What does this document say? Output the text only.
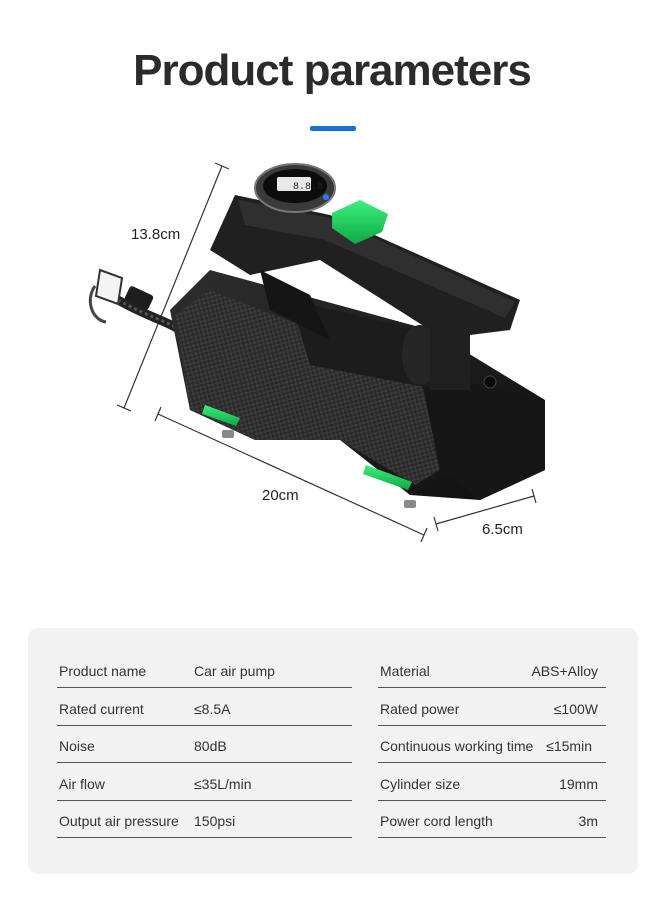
Product parameters
8.8.8
13.8cm
20cm
6.5cm
Product name	Car air pump	Material	ABS+Alloy
Rated current	≤8.5A	Rated power	≤100W
Noise	80dB	Continuous working time ≤15min
Air flow	≤35L/min	Cylinder size	19mm
Output air pressure 150psi	Power cord length	3m
